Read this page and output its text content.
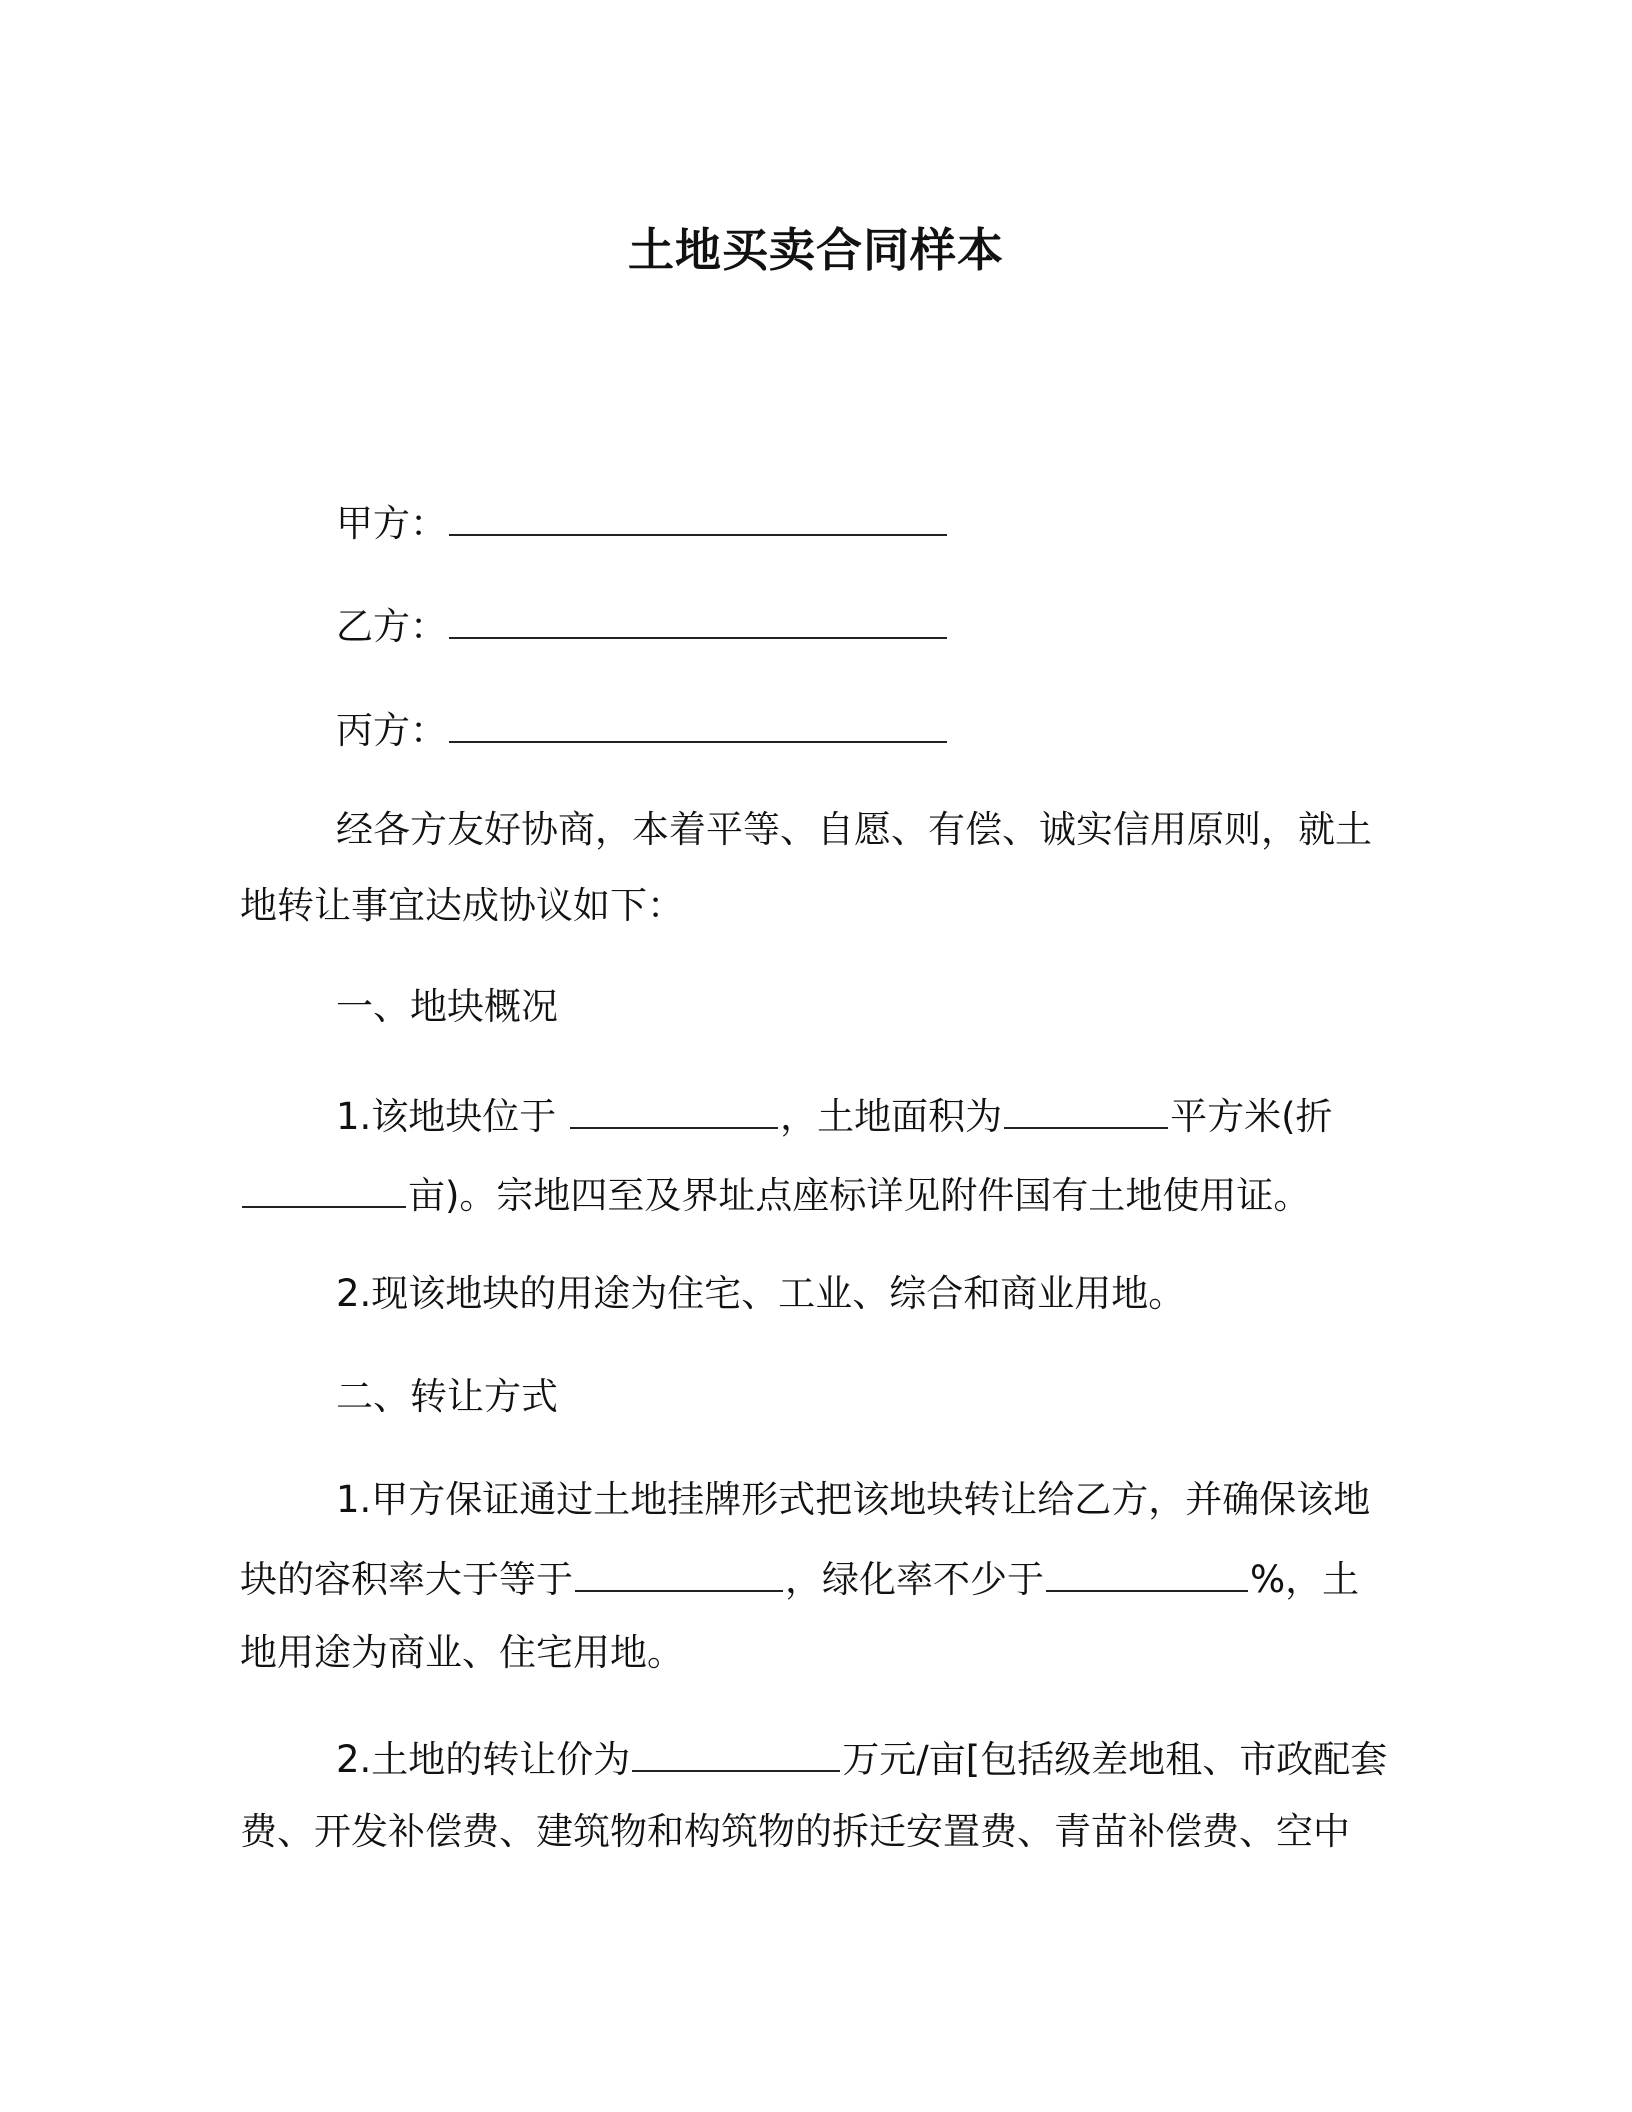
土地买卖合同样本
甲方：
乙方：
丙方：
经各方友好协商，本着平等、自愿、有偿、诚实信用原则，就土
地转让事宜达成协议如下：
一、地块概况
1.该地块位于	，土地面积为	平方米(折
亩)。宗地四至及界址点座标详见附件国有土地使用证。
2.现该地块的用途为住宅、工业、综合和商业用地。
二、转让方式
1.甲方保证通过土地挂牌形式把该地块转让给乙方，并确保该地
块的容积率大于等于	，绿化率不少于	%，土
地用途为商业、住宅用地。
2.土地的转让价为	万元/亩[包括级差地租、市政配套
费、开发补偿费、建筑物和构筑物的拆迁安置费、青苗补偿费、空中
